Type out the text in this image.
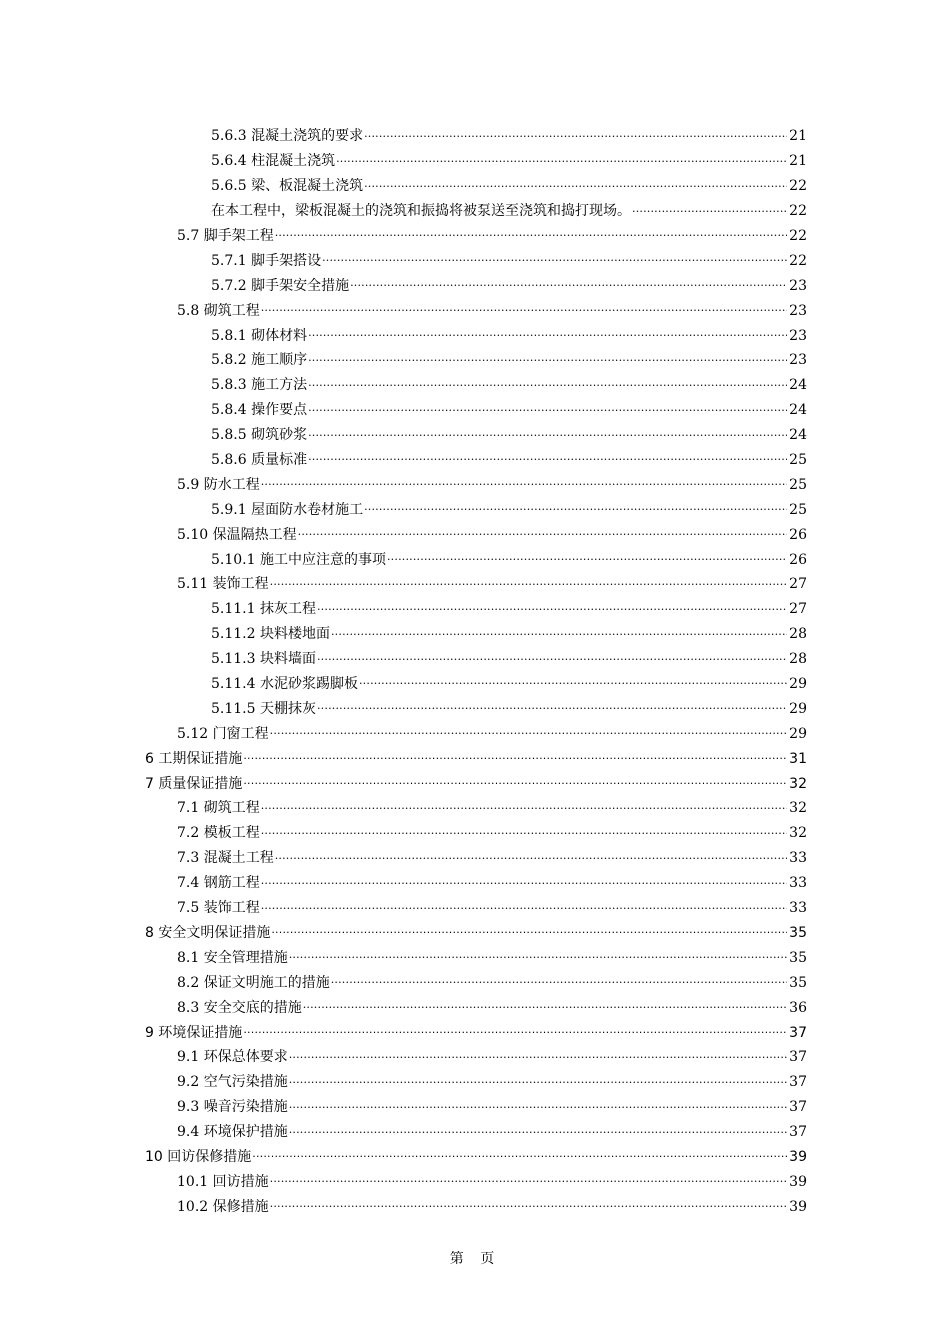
5.6.3 混凝土浇筑的要求 .....	21
5.6.4 柱混凝土浇筑 .....	21
5.6.5 梁、板混凝土浇筑 .....	22
在本工程中，梁板混凝土的浇筑和振捣将被泵送至浇筑和捣打现场。 .....	22
5.7 脚手架工程 .....	22
5.7.1 脚手架搭设 .....	22
5.7.2 脚手架安全措施 .....	23
5.8 砌筑工程 .....	23
5.8.1 砌体材料 .....	23
5.8.2 施工顺序 .....	23
5.8.3 施工方法 .....	24
5.8.4 操作要点 .....	24
5.8.5 砌筑砂浆 .....	24
5.8.6 质量标准 .....	25
5.9 防水工程 .....	25
5.9.1 屋面防水卷材施工 .....	25
5.10 保温隔热工程 .....	26
5.10.1 施工中应注意的事项 .....	26
5.11 装饰工程 .....	27
5.11.1 抹灰工程 .....	27
5.11.2 块料楼地面 .....	28
5.11.3 块料墙面 .....	28
5.11.4 水泥砂浆踢脚板 .....	29
5.11.5 天棚抹灰 .....	29
5.12 门窗工程 .....	29
6 工期保证措施 .....	31
7 质量保证措施 .....	32
7.1 砌筑工程 .....	32
7.2 模板工程 .....	32
7.3 混凝土工程 .....	33
7.4 钢筋工程 .....	33
7.5 装饰工程 .....	33
8 安全文明保证措施 .....	35
8.1 安全管理措施 .....	35
8.2 保证文明施工的措施 .....	35
8.3 安全交底的措施 .....	36
9 环境保证措施 .....	37
9.1 环保总体要求 .....	37
9.2 空气污染措施 .....	37
9.3 噪音污染措施 .....	37
9.4 环境保护措施 .....	37
10 回访保修措施 .....	39
10.1 回访措施 .....	39
10.2 保修措施 .....	39
第 页
